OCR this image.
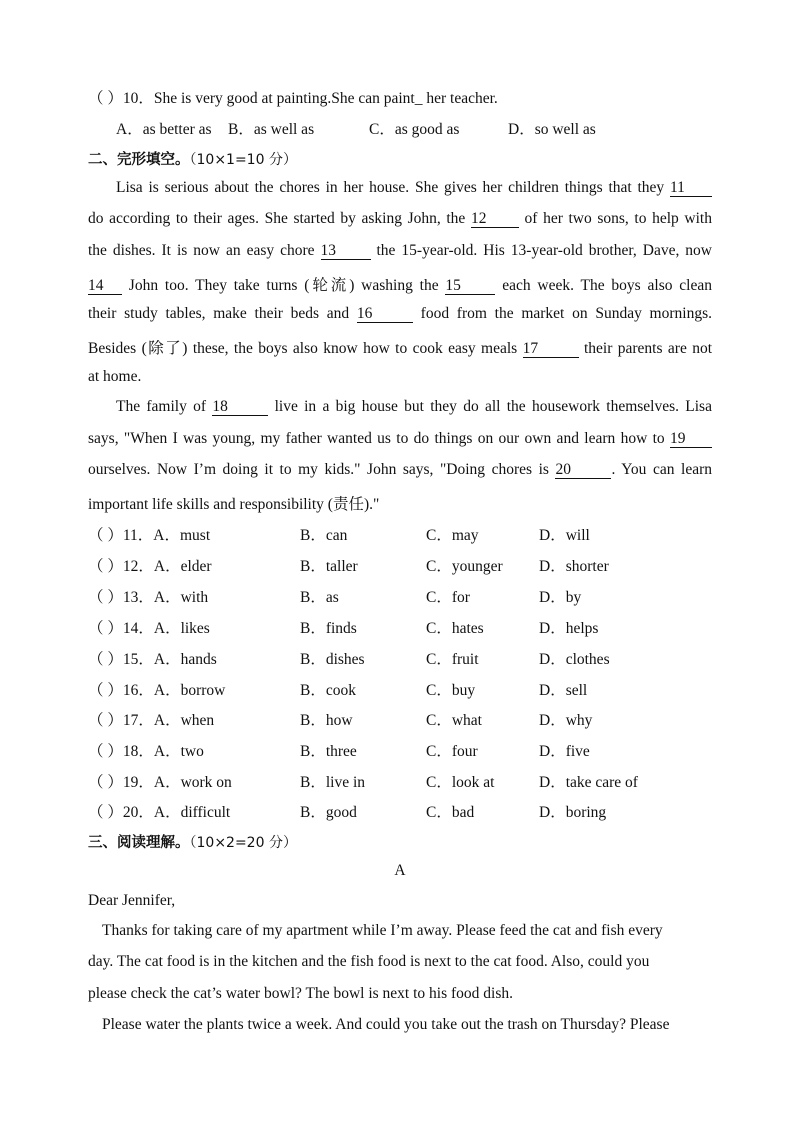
（ ）10．She is very good at painting.She can paint_ her teacher.
A．as better as B．as well as	C．as good as	D．so well as
二、完形填空。（10×1=10 分）
Lisa is serious about the chores in her house. She gives her children things that they 11
do according to their ages. She started by asking John, the 12 of her two sons, to help with
the dishes. It is now an easy chore 13 the 15-year-old. His 13-year-old brother, Dave, now
14 John too. They take turns (轮流) washing the 15 each week. The boys also clean
their study tables, make their beds and 16	food from the market on Sunday mornings.
Besides (除了) these, the boys also know how to cook easy meals 17	their parents are not
at home.
The family of 18	live in a big house but they do all the housework themselves. Lisa
says, "When I was young, my father wanted us to do things on our own and learn how to 19
ourselves. Now I’m doing it to my kids." John says, "Doing chores is 20	. You can learn
important life skills and responsibility (责任)."
（ ）11．A．must	B．can	C．may	D．will
（ ）12．A．elder	B．taller	C．younger D．shorter
（ ）13．A．with	B．as	C．for	D．by
（ ）14．A．likes	B．finds	C．hates	D．helps
（ ）15．A．hands	B．dishes	C．fruit	D．clothes
（ ）16．A．borrow	B．cook	C．buy	D．sell
（ ）17．A．when	B．how	C．what	D．why
（ ）18．A．two	B．three	C．four	D．five
（ ）19．A．work on	B．live in	C．look at	D．take care of
（ ）20．A．difficult	B．good	C．bad	D．boring
三、阅读理解。（10×2=20 分）
A
Dear Jennifer,
Thanks for taking care of my apartment while I’m away. Please feed the cat and fish every
day. The cat food is in the kitchen and the fish food is next to the cat food. Also, could you
please check the cat’s water bowl? The bowl is next to his food dish.
Please water the plants twice a week. And could you take out the trash on Thursday? Please
